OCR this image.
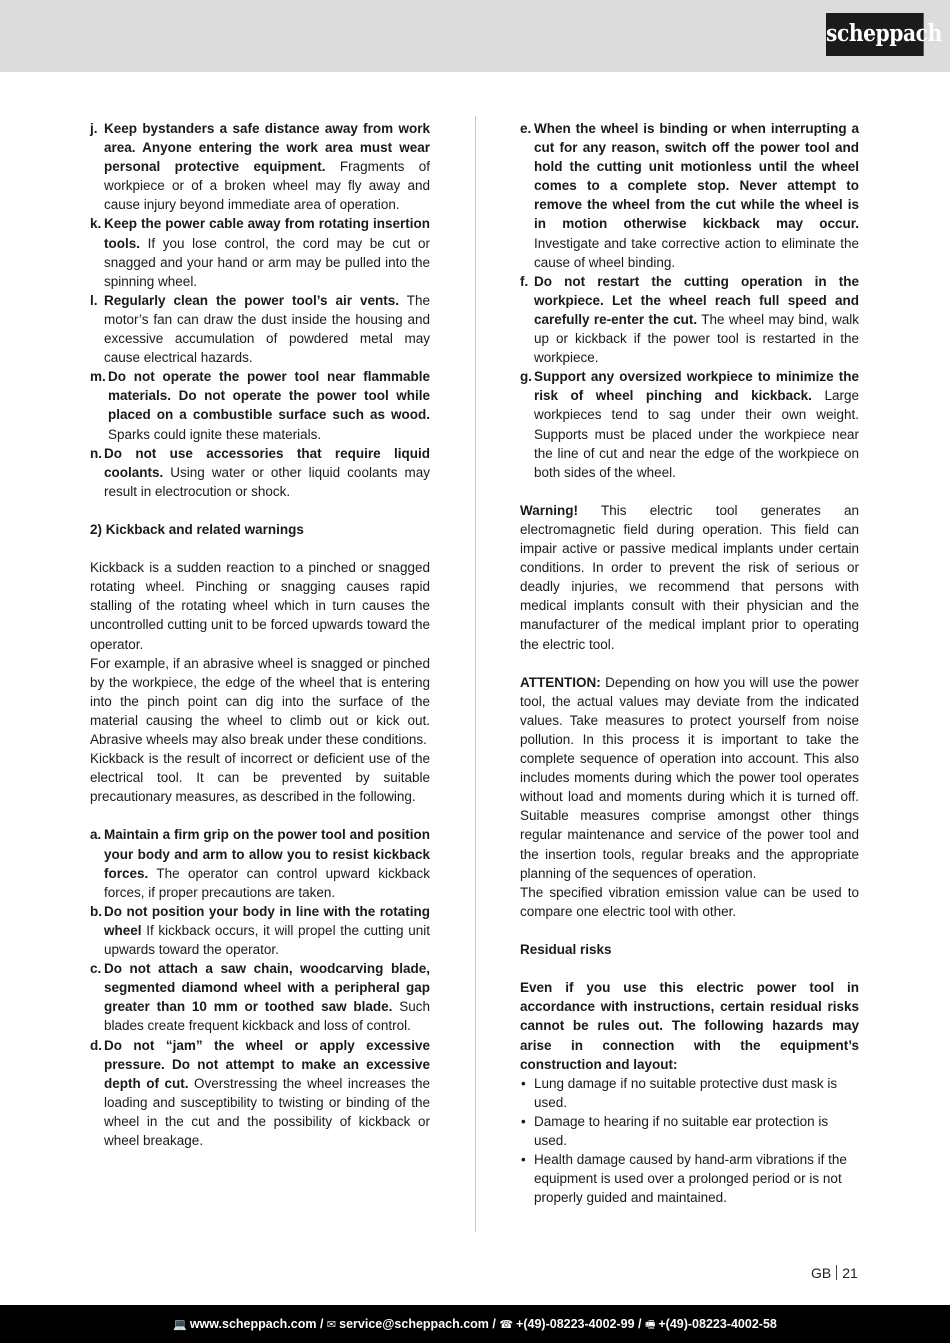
scheppach
j. Keep bystanders a safe distance away from work area. Anyone entering the work area must wear personal protective equipment. Fragments of workpiece or of a broken wheel may fly away and cause injury beyond immediate area of operation.
k. Keep the power cable away from rotating insertion tools. If you lose control, the cord may be cut or snagged and your hand or arm may be pulled into the spinning wheel.
l. Regularly clean the power tool’s air vents. The motor’s fan can draw the dust inside the housing and excessive accumulation of powdered metal may cause electrical hazards.
m. Do not operate the power tool near flammable materials. Do not operate the power tool while placed on a combustible surface such as wood. Sparks could ignite these materials.
n. Do not use accessories that require liquid coolants. Using water or other liquid coolants may result in electrocution or shock.
2) Kickback and related warnings
Kickback is a sudden reaction to a pinched or snagged rotating wheel. Pinching or snagging causes rapid stalling of the rotating wheel which in turn causes the uncontrolled cutting unit to be forced upwards toward the operator.
For example, if an abrasive wheel is snagged or pinched by the workpiece, the edge of the wheel that is entering into the pinch point can dig into the surface of the material causing the wheel to climb out or kick out. Abrasive wheels may also break under these conditions.
Kickback is the result of incorrect or deficient use of the electrical tool. It can be prevented by suitable precautionary measures, as described in the following.
a. Maintain a firm grip on the power tool and position your body and arm to allow you to resist kickback forces. The operator can control upward kickback forces, if proper precautions are taken.
b. Do not position your body in line with the rotating wheel If kickback occurs, it will propel the cutting unit upwards toward the operator.
c. Do not attach a saw chain, woodcarving blade, segmented diamond wheel with a peripheral gap greater than 10 mm or toothed saw blade. Such blades create frequent kickback and loss of control.
d. Do not “jam” the wheel or apply excessive pressure. Do not attempt to make an excessive depth of cut. Overstressing the wheel increases the loading and susceptibility to twisting or binding of the wheel in the cut and the possibility of kickback or wheel breakage.
e. When the wheel is binding or when interrupting a cut for any reason, switch off the power tool and hold the cutting unit motionless until the wheel comes to a complete stop. Never attempt to remove the wheel from the cut while the wheel is in motion otherwise kickback may occur. Investigate and take corrective action to eliminate the cause of wheel binding.
f. Do not restart the cutting operation in the workpiece. Let the wheel reach full speed and carefully re-enter the cut. The wheel may bind, walk up or kickback if the power tool is restarted in the workpiece.
g. Support any oversized workpiece to minimize the risk of wheel pinching and kickback. Large workpieces tend to sag under their own weight. Supports must be placed under the workpiece near the line of cut and near the edge of the workpiece on both sides of the wheel.
Warning! This electric tool generates an electromagnetic field during operation. This field can impair active or passive medical implants under certain conditions. In order to prevent the risk of serious or deadly injuries, we recommend that persons with medical implants consult with their physician and the manufacturer of the medical implant prior to operating the electric tool.
ATTENTION: Depending on how you will use the power tool, the actual values may deviate from the indicated values. Take measures to protect yourself from noise pollution. In this process it is important to take the complete sequence of operation into account. This also includes moments during which the power tool operates without load and moments during which it is turned off. Suitable measures comprise amongst other things regular maintenance and service of the power tool and the insertion tools, regular breaks and the appropriate planning of the sequences of operation.
The specified vibration emission value can be used to compare one electric tool with other.
Residual risks
Even if you use this electric power tool in accordance with instructions, certain residual risks cannot be rules out. The following hazards may arise in connection with the equipment’s construction and layout:
• Lung damage if no suitable protective dust mask is used.
• Damage to hearing if no suitable ear protection is used.
• Health damage caused by hand-arm vibrations if the equipment is used over a prolonged period or is not properly guided and maintained.
GB 21
💻 www.scheppach.com / ✉ service@scheppach.com / ☎ +(49)-08223-4002-99 / 🖷 +(49)-08223-4002-58
